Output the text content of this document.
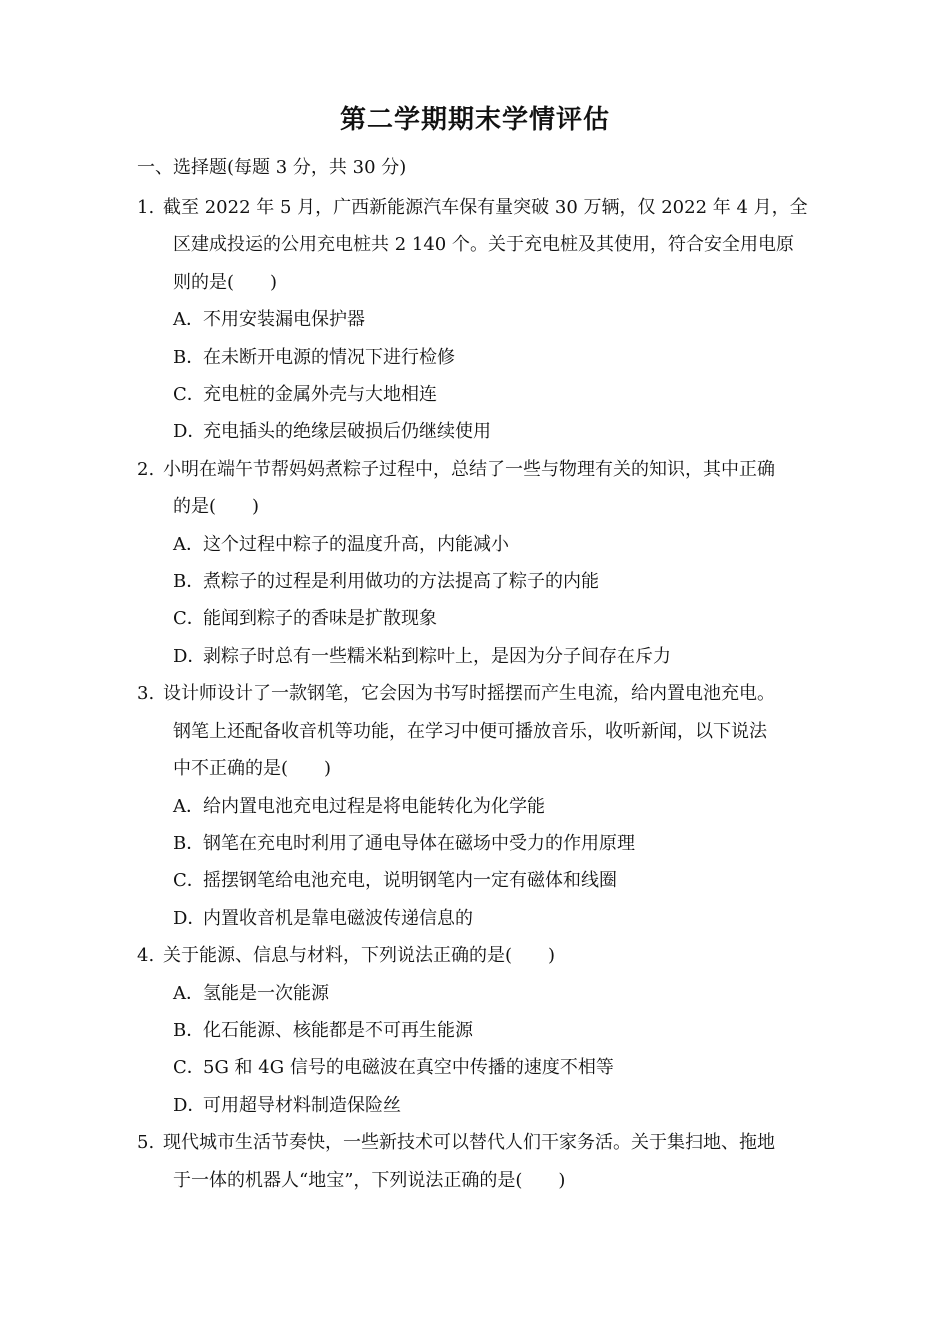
第二学期期末学情评估
一、选择题(每题 3 分，共 30 分)
1. 截至 2022 年 5 月，广西新能源汽车保有量突破 30 万辆，仅 2022 年 4 月，全
区建成投运的公用充电桩共 2 140 个。关于充电桩及其使用，符合安全用电原
则的是(　　)
A． 不用安装漏电保护器
B．
在未断开电源的情况下进行检修
C．
充电桩的金属外壳与大地相连
D．
充电插头的绝缘层破损后仍继续使用
2. 小明在端午节帮妈妈煮粽子过程中，总结了一些与物理有关的知识，其中正确
的是(　　)
A． 这个过程中粽子的温度升高，内能减小
B．
煮粽子的过程是利用做功的方法提高了粽子的内能
C．
能闻到粽子的香味是扩散现象
D．
剥粽子时总有一些糯米粘到粽叶上，是因为分子间存在斥力
3. 设计师设计了一款钢笔，它会因为书写时摇摆而产生电流，给内置电池充电。
钢笔上还配备收音机等功能，在学习中便可播放音乐，收听新闻，以下说法
中不正确的是(　　)
A． 给内置电池充电过程是将电能转化为化学能
B．
钢笔在充电时利用了通电导体在磁场中受力的作用原理
C．
摇摆钢笔给电池充电，说明钢笔内一定有磁体和线圈
D．
内置收音机是靠电磁波传递信息的
4. 关于能源、信息与材料，下列说法正确的是(　　)
A． 氢能是一次能源
B．
化石能源、核能都是不可再生能源
C．
5G 和 4G 信号的电磁波在真空中传播的速度不相等
D．
可用超导材料制造保险丝
5. 现代城市生活节奏快，一些新技术可以替代人们干家务活。关于集扫地、拖地
于一体的机器人“地宝”，下列说法正确的是(　　)
